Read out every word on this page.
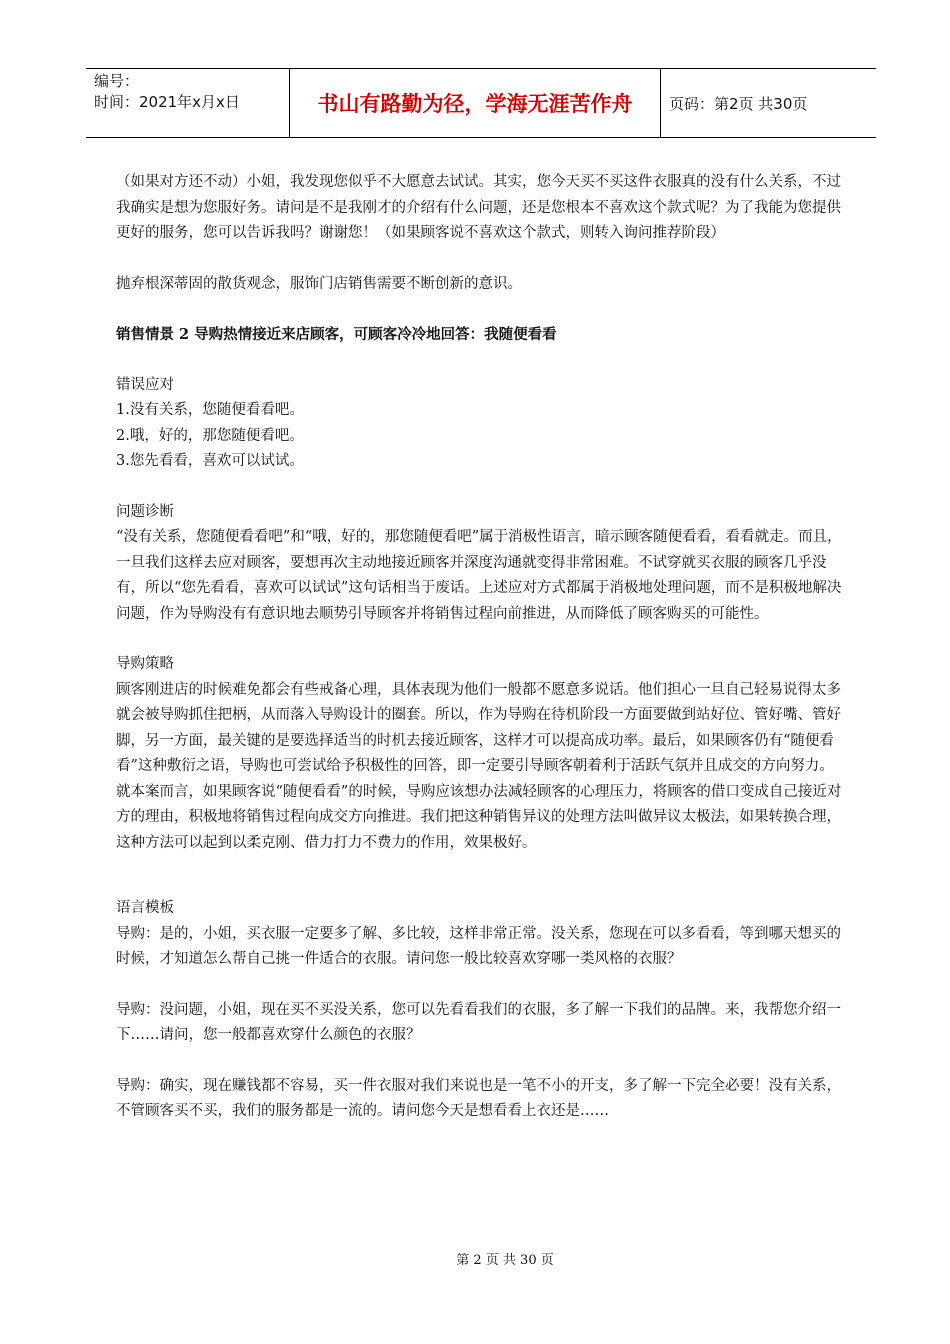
编号：
时间：2021年x月x日	书山有路勤为径，学海无涯苦作舟	页码：第2页 共30页

（如果对方还不动）小姐，我发现您似乎不大愿意去试试。其实，您今天买不买这件衣服真的没有什么关系，不过我确实是想为您服好务。请问是不是我刚才的介绍有什么问题，还是您根本不喜欢这个款式呢？为了我能为您提供更好的服务，您可以告诉我吗？谢谢您！（如果顾客说不喜欢这个款式，则转入询问推荐阶段）

抛弃根深蒂固的散货观念，服饰门店销售需要不断创新的意识。

销售情景 2 导购热情接近来店顾客，可顾客冷冷地回答：我随便看看

错误应对

1.没有关系，您随便看看吧。

2.哦，好的，那您随便看吧。

3.您先看看，喜欢可以试试。

问题诊断

“没有关系，您随便看看吧”和“哦，好的，那您随便看吧”属于消极性语言，暗示顾客随便看看，看看就走。而且，一旦我们这样去应对顾客，要想再次主动地接近顾客并深度沟通就变得非常困难。不试穿就买衣服的顾客几乎没有，所以“您先看看，喜欢可以试试”这句话相当于废话。上述应对方式都属于消极地处理问题，而不是积极地解决问题，作为导购没有有意识地去顺势引导顾客并将销售过程向前推进，从而降低了顾客购买的可能性。

导购策略

顾客刚进店的时候难免都会有些戒备心理，具体表现为他们一般都不愿意多说话。他们担心一旦自己轻易说得太多就会被导购抓住把柄，从而落入导购设计的圈套。所以，作为导购在待机阶段一方面要做到站好位、管好嘴、管好脚，另一方面，最关键的是要选择适当的时机去接近顾客，这样才可以提高成功率。最后，如果顾客仍有“随便看看”这种敷衍之语，导购也可尝试给予积极性的回答，即一定要引导顾客朝着利于活跃气氛并且成交的方向努力。

就本案而言，如果顾客说“随便看看”的时候，导购应该想办法减轻顾客的心理压力，将顾客的借口变成自己接近对方的理由，积极地将销售过程向成交方向推进。我们把这种销售异议的处理方法叫做异议太极法，如果转换合理，这种方法可以起到以柔克刚、借力打力不费力的作用，效果极好。

语言模板

导购：是的，小姐，买衣服一定要多了解、多比较，这样非常正常。没关系，您现在可以多看看，等到哪天想买的时候，才知道怎么帮自己挑一件适合的衣服。请问您一般比较喜欢穿哪一类风格的衣服？

导购：没问题，小姐，现在买不买没关系，您可以先看看我们的衣服，多了解一下我们的品牌。来，我帮您介绍一下……请问，您一般都喜欢穿什么颜色的衣服？

导购：确实，现在赚钱都不容易，买一件衣服对我们来说也是一笔不小的开支，多了解一下完全必要！没有关系，不管顾客买不买，我们的服务都是一流的。请问您今天是想看看上衣还是……

第 2 页 共 30 页
